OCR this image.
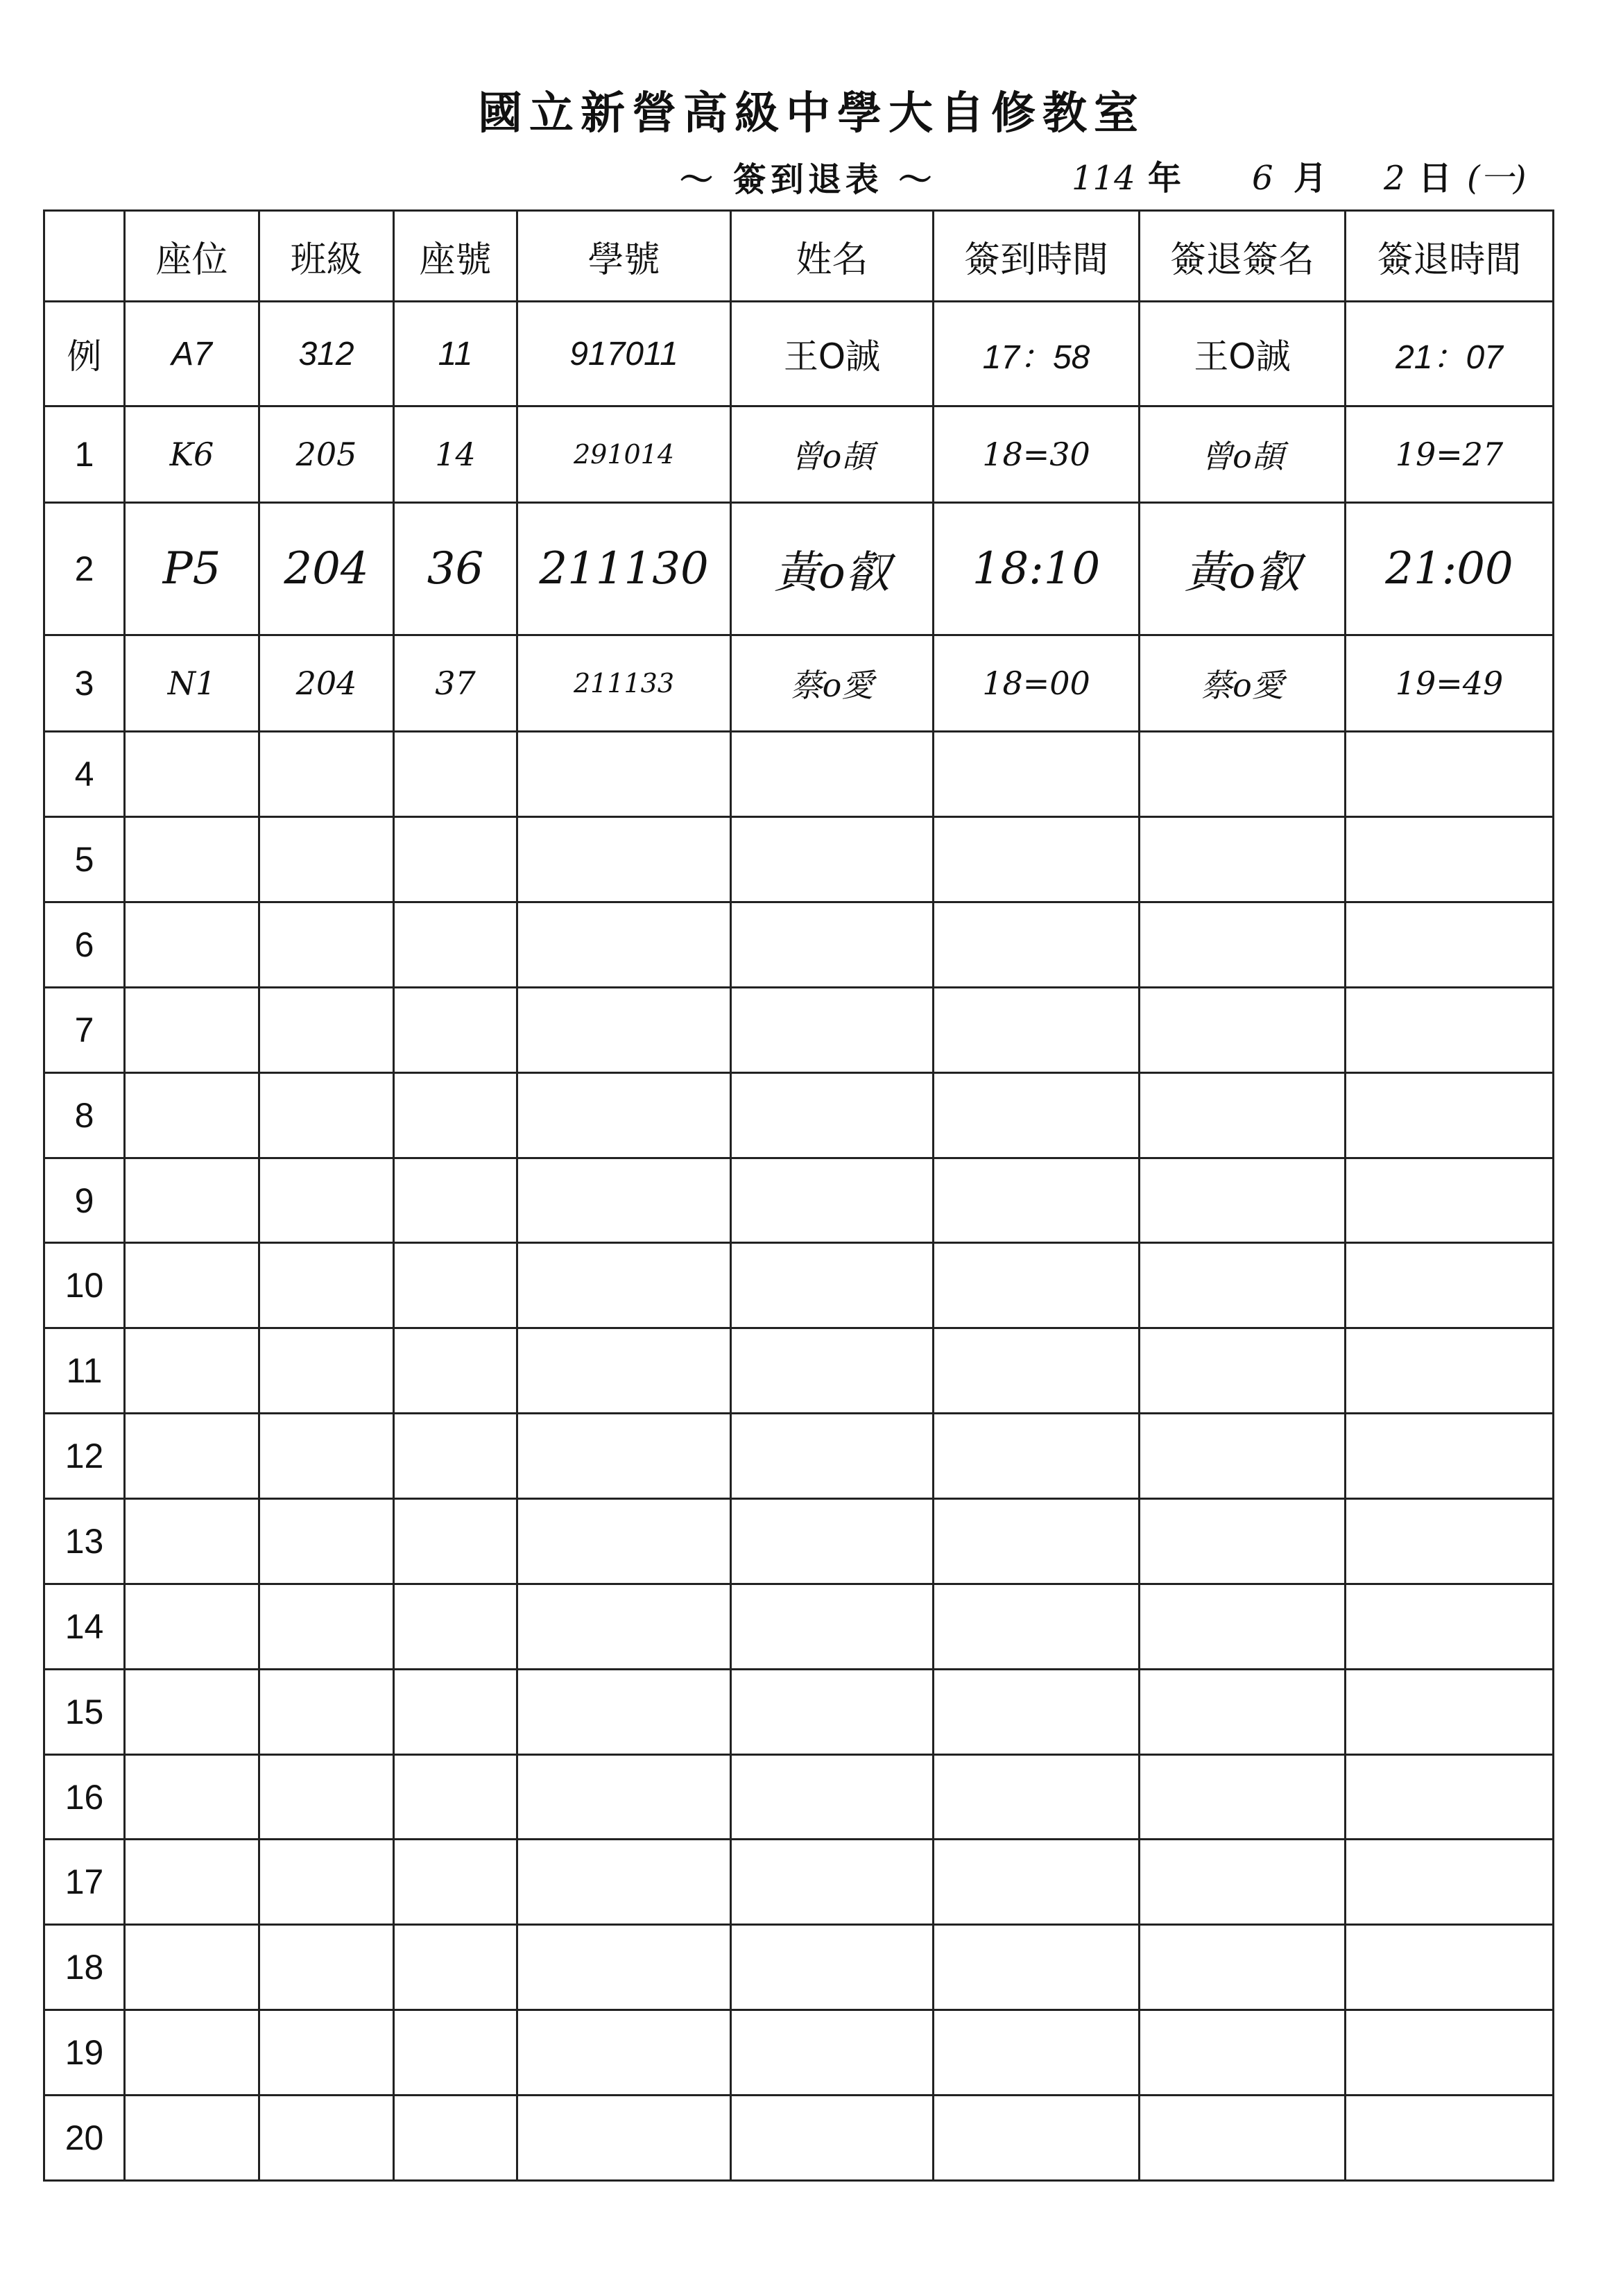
國立新營高級中學大自修教室
～ 簽到退表 ～	114 年 6 月 2 日 (一)
	座位	班級	座號	學號	姓名	簽到時間	簽退簽名	簽退時間
例	A7	312	11	917011	王O誠	17：58	王O誠	21：07
1	K6	205	14	291014	曾o頡	18=30	曾o頡	19=27
2	P5	204	36	211130	黃o叡	18:10	黃o叡	21:00
3	N1	204	37	211133	蔡o愛	18=00	蔡o愛	19=49
4								
5								
6								
7								
8								
9								
10								
11								
12								
13								
14								
15								
16								
17								
18								
19								
20								
